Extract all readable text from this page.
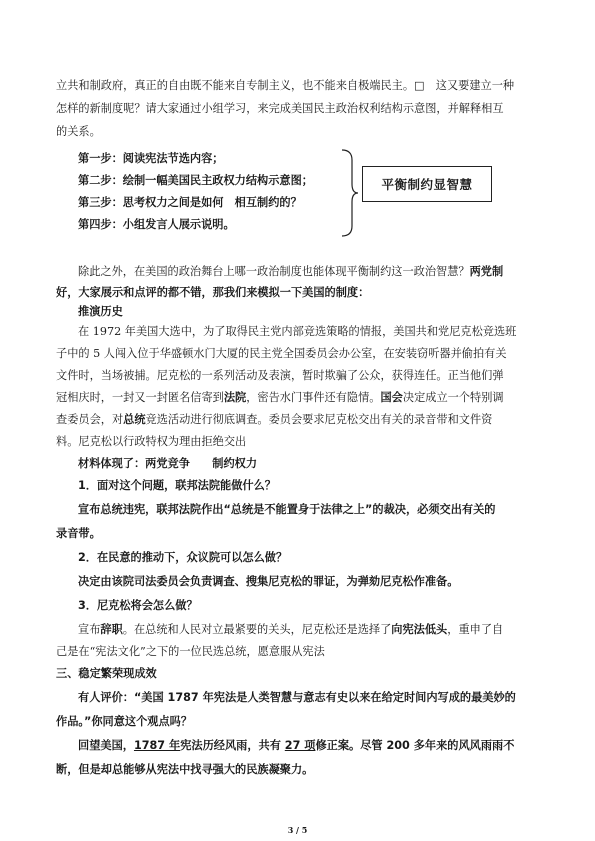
立共和制政府，真正的自由既不能来自专制主义，也不能来自极端民主。□　这又要建立一种

怎样的新制度呢？请大家通过小组学习，来完成美国民主政治权利结构示意图，并解释相互

的关系。

第一步：阅读宪法节选内容；
第二步：绘制一幅美国民主政权力结构示意图；
第三步：思考权力之间是如何　相互制约的？
第四步：小组发言人展示说明。
平衡制约显智慧

除此之外，在美国的政治舞台上哪一政治制度也能体现平衡制约这一政治智慧？两党制

好，大家展示和点评的都不错，那我们来模拟一下美国的制度：

推演历史

在 1972 年美国大选中，为了取得民主党内部竞选策略的情报，美国共和党尼克松竞选班

子中的 5 人闯入位于华盛顿水门大厦的民主党全国委员会办公室，在安装窃听器并偷拍有关

文件时，当场被捕。尼克松的一系列活动及表演，暂时欺骗了公众，获得连任。正当他们弹

冠相庆时，一封又一封匿名信寄到法院，密告水门事件还有隐情。国会决定成立一个特别调

查委员会，对总统竞选活动进行彻底调查。委员会要求尼克松交出有关的录音带和文件资

料。尼克松以行政特权为理由拒绝交出

材料体现了：两党竞争　　制约权力

1．面对这个问题，联邦法院能做什么？

宣布总统违宪，联邦法院作出“总统是不能置身于法律之上”的裁决，必须交出有关的

录音带。

2．在民意的推动下，众议院可以怎么做？

决定由该院司法委员会负责调查、搜集尼克松的罪证，为弹劾尼克松作准备。

3．尼克松将会怎么做？

宣布辞职。在总统和人民对立最紧要的关头，尼克松还是选择了向宪法低头，重申了自

己是在“宪法文化”之下的一位民选总统，愿意服从宪法

三、稳定繁荣现成效

有人评价：“美国 1787 年宪法是人类智慧与意志有史以来在给定时间内写成的最美妙的

作品。”你同意这个观点吗？

回望美国，1787 年宪法历经风雨，共有 27 项修正案。尽管 200 多年来的风风雨雨不

断，但是却总能够从宪法中找寻强大的民族凝聚力。

3 / 5
